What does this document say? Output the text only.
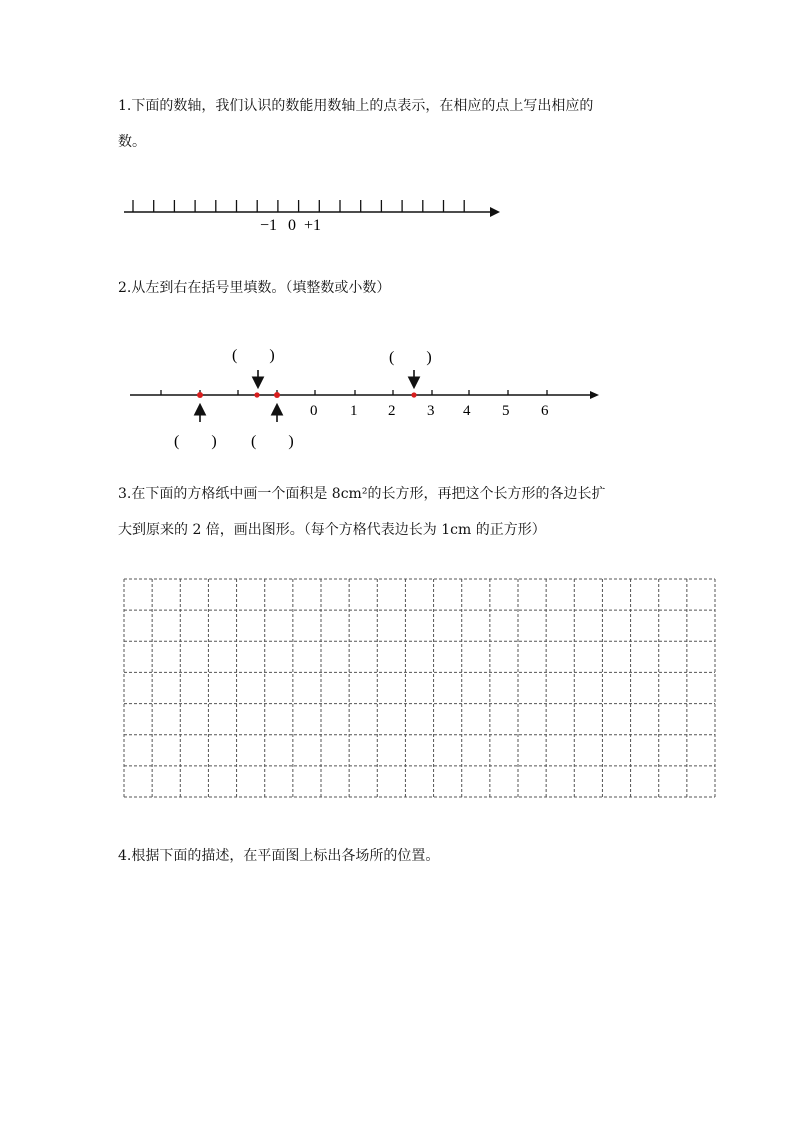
1.下面的数轴，我们认识的数能用数轴上的点表示，在相应的点上写出相应的
数。
−1 0 +1
0 1 2 3 4 5 6
(　　)	(　　)
(　　) (　　)
2.从左到右在括号里填数。（填整数或小数）
3.在下面的方格纸中画一个面积是 8cm²的长方形，再把这个长方形的各边长扩
大到原来的 2 倍，画出图形。（每个方格代表边长为 1cm 的正方形）
4.根据下面的描述，在平面图上标出各场所的位置。
